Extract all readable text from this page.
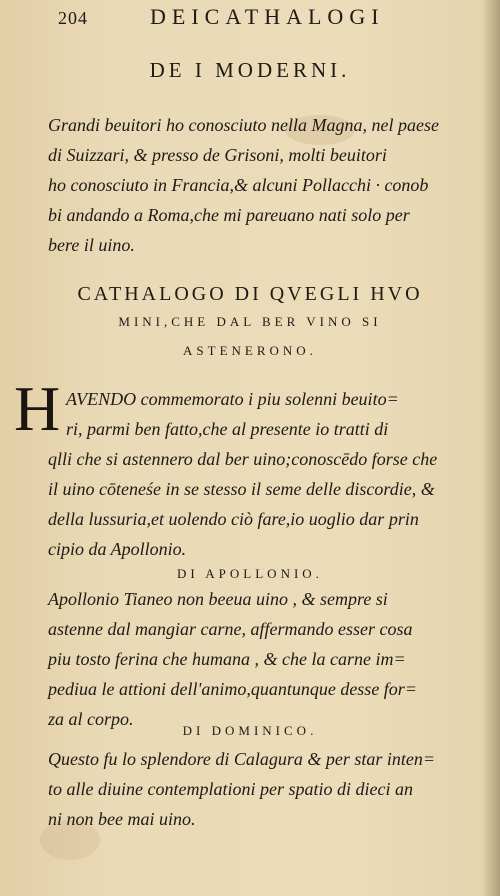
204	DEICATHALOGI
DE I MODERNI.
Grandi beuitori ho conosciuto nella Magna, nel paese
di Suizzari, & presso de Grisoni, molti beuitori
ho conosciuto in Francia,& alcuni Pollacchi · conob
bi andando a Roma,che mi pareuano nati solo per
bere il uino.
CATHALOGO DI QVEGLI HVO
MINI,CHE DAL BER VINO SI
ASTENERONO.
H AVENDO commemorato i piu solenni beuito=
ri, parmi ben fatto,che al presente io tratti di
qlli che si astennero dal ber uino;conoscēdo forse che
il uino cōteneśe in se stesso il seme delle discordie, &
della lussuria,et uolendo ciò fare,io uoglio dar prin
cipio da Apollonio.
DI APOLLONIO.
Apollonio Tianeo non beeua uino , & sempre si
astenne dal mangiar carne, affermando esser cosa
piu tosto ferina che humana , & che la carne im=
pediua le attioni dell'animo,quantunque desse for=
za al corpo.
DI DOMINICO.
Questo fu lo splendore di Calagura & per star inten=
to alle diuine contemplationi per spatio di dieci an
ni non bee mai uino.
